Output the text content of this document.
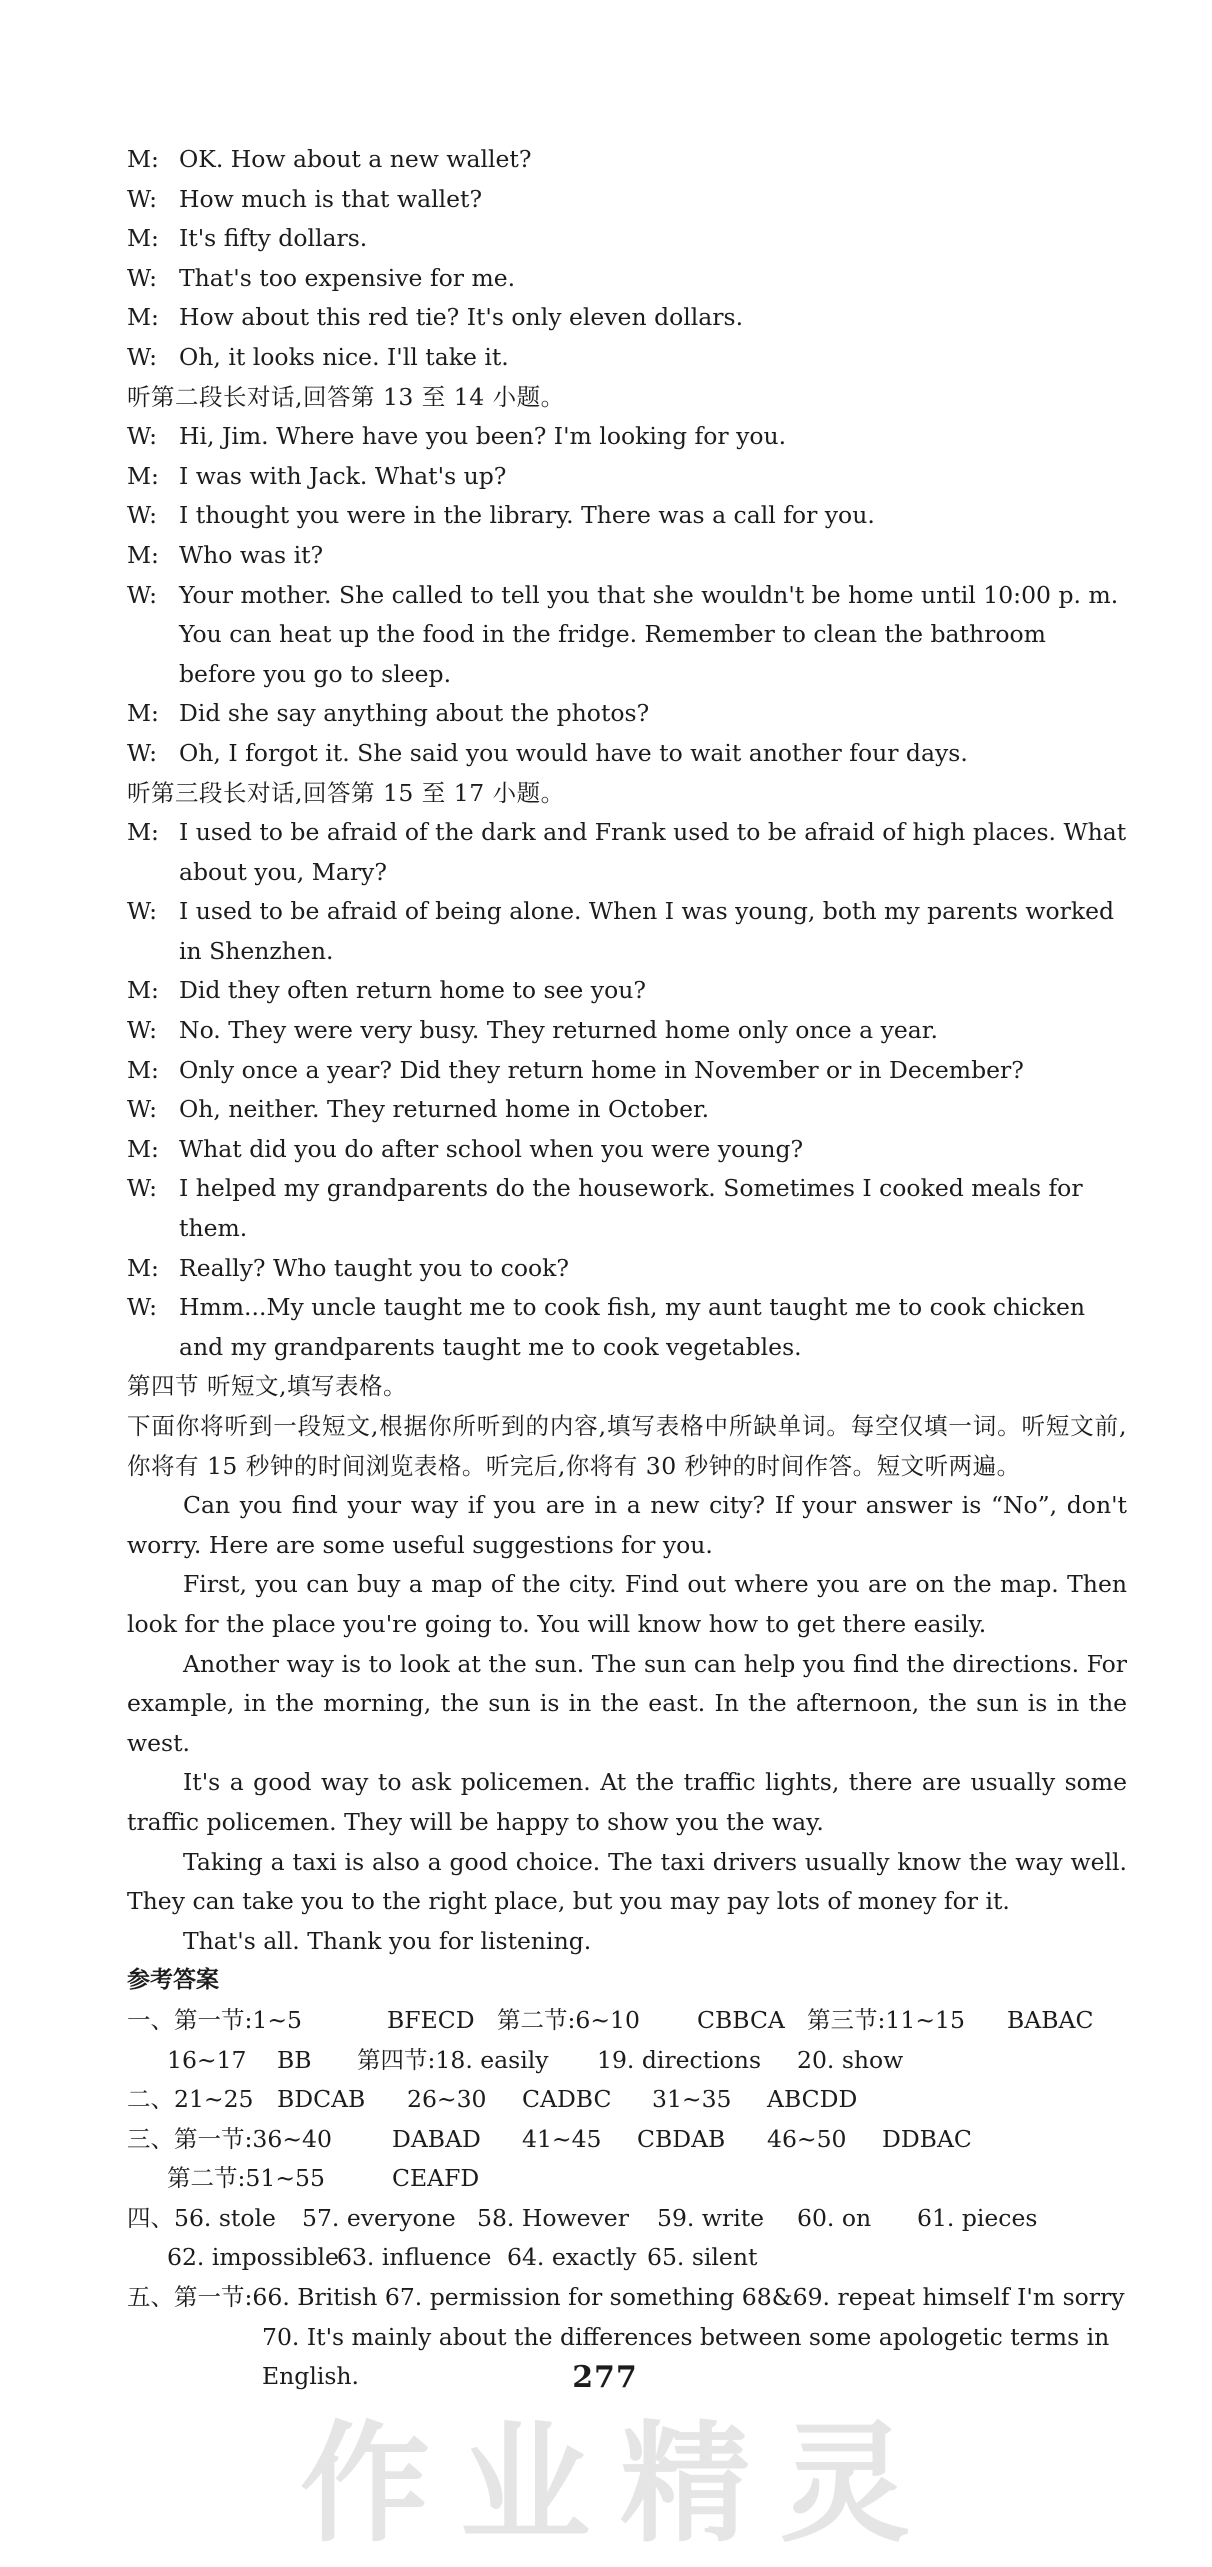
M: OK. How about a new wallet?

W: How much is that wallet?

M: It's fifty dollars.

W: That's too expensive for me.

M: How about this red tie? It's only eleven dollars.

W: Oh, it looks nice. I'll take it.

听第二段长对话,回答第 13 至 14 小题。

W: Hi, Jim. Where have you been? I'm looking for you.

M: I was with Jack. What's up?

W: I thought you were in the library. There was a call for you.

M: Who was it?

W: Your mother. She called to tell you that she wouldn't be home until 10:00 p. m. You can heat up the food in the fridge. Remember to clean the bathroom before you go to sleep.

M: Did she say anything about the photos?

W: Oh, I forgot it. She said you would have to wait another four days.

听第三段长对话,回答第 15 至 17 小题。

M: I used to be afraid of the dark and Frank used to be afraid of high places. What about you, Mary?

W: I used to be afraid of being alone. When I was young, both my parents worked in Shenzhen.

M: Did they often return home to see you?

W: No. They were very busy. They returned home only once a year.

M: Only once a year? Did they return home in November or in December?

W: Oh, neither. They returned home in October.

M: What did you do after school when you were young?

W: I helped my grandparents do the housework. Sometimes I cooked meals for them.

M: Really? Who taught you to cook?

W: Hmm...My uncle taught me to cook fish, my aunt taught me to cook chicken and my grandparents taught me to cook vegetables.

第四节 听短文,填写表格。

下面你将听到一段短文,根据你所听到的内容,填写表格中所缺单词。每空仅填一词。听短文前,你将有 15 秒钟的时间浏览表格。听完后,你将有 30 秒钟的时间作答。短文听两遍。

Can you find your way if you are in a new city? If your answer is “No”, don't worry. Here are some useful suggestions for you.

First, you can buy a map of the city. Find out where you are on the map. Then look for the place you're going to. You will know how to get there easily.

Another way is to look at the sun. The sun can help you find the directions. For example, in the morning, the sun is in the east. In the afternoon, the sun is in the west.

It's a good way to ask policemen. At the traffic lights, there are usually some traffic policemen. They will be happy to show you the way.

Taking a taxi is also a good choice. The taxi drivers usually know the way well. They can take you to the right place, but you may pay lots of money for it.

That's all. Thank you for listening.

参考答案

一、第一节:1~5	BFECD 第二节:6~10 CBBCA 第三节:11~15 BABAC

16~17 BB 第四节:18. easily 19. directions 20. show

二、21~25 BDCAB 26~30 CADBC 31~35 ABCDD

三、第一节:36~40	DABAD 41~45 CBDAB 46~50 DDBAC

第二节:51~55	CEAFD

四、56. stole 57. everyone 58. However 59. write 60. on 61. pieces

62. impossible63. influence 64. exactly 65. silent

五、第一节:66. British 67. permission for something 68&69. repeat himself I'm sorry 70. It's mainly about the differences between some apologetic terms in English.	277
作业精灵
